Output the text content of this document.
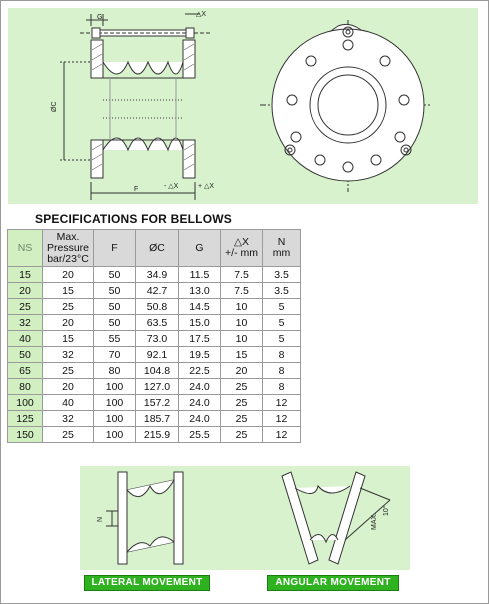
SPECIFICATIONS FOR BELLOWS
NS	Max.
Pressure
bar/23°C	F	ØC	G	△X
+/- mm	N
mm
15	20	50	34.9	11.5	7.5	3.5
20	15	50	42.7	13.0	7.5	3.5
25	25	50	50.8	14.5	10	5
32	20	50	63.5	15.0	10	5
40	15	55	73.0	17.5	10	5
50	32	70	92.1	19.5	15	8
65	25	80	104.8	22.5	20	8
80	20	100	127.0	24.0	25	8
100	40	100	157.2	24.0	25	12
125	32	100	185.7	24.0	25	12
150	25	100	215.9	25.5	25	12
LATERAL MOVEMENT	ANGULAR MOVEMENT
G	△X
ØC
F	- △X	+ △X
N	MAX.
10°
